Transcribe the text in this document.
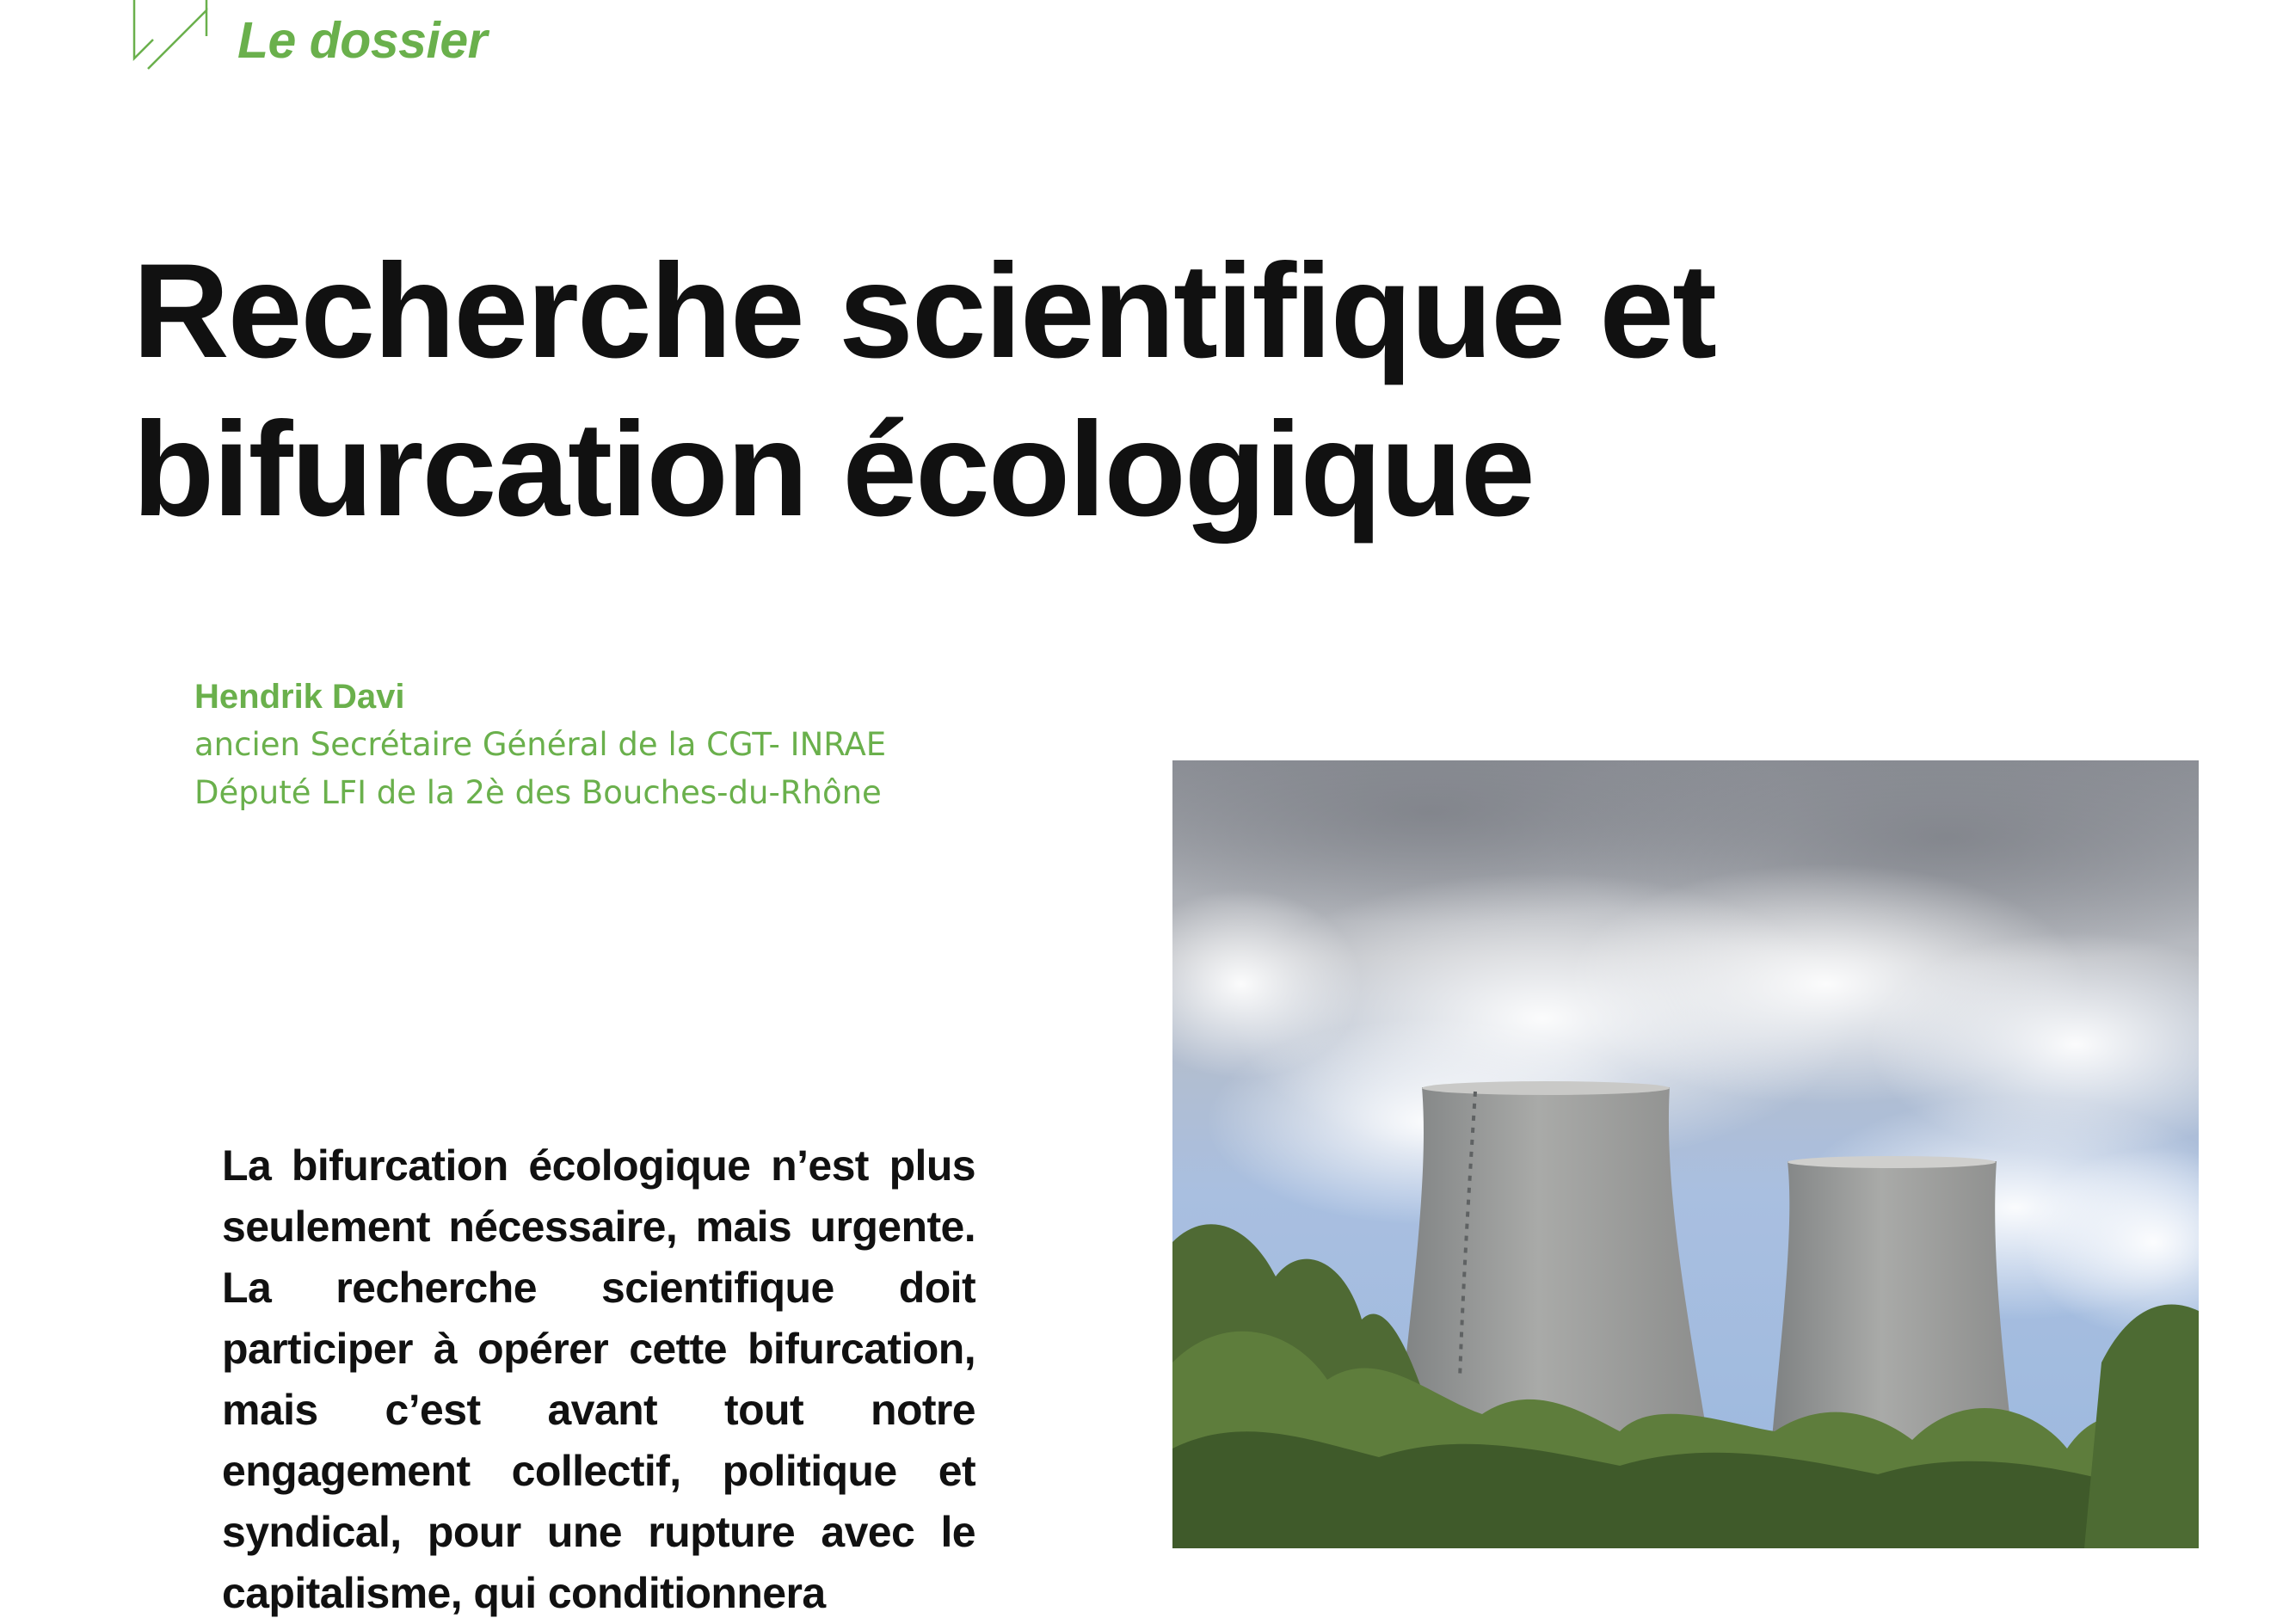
Le dossier
Recherche scientifique et
bifurcation écologique
Hendrik Davi
ancien Secrétaire Général de la CGT- INRAE
Député LFI de la 2è des Bouches-du-Rhône

La bifurcation écologique n’est plus seulement nécessaire, mais urgente. La recherche scientifique doit participer à opérer cette bifurcation, mais c’est avant tout notre engagement collectif, politique et syndical, pour une rupture avec le capitalisme, qui conditionnera
